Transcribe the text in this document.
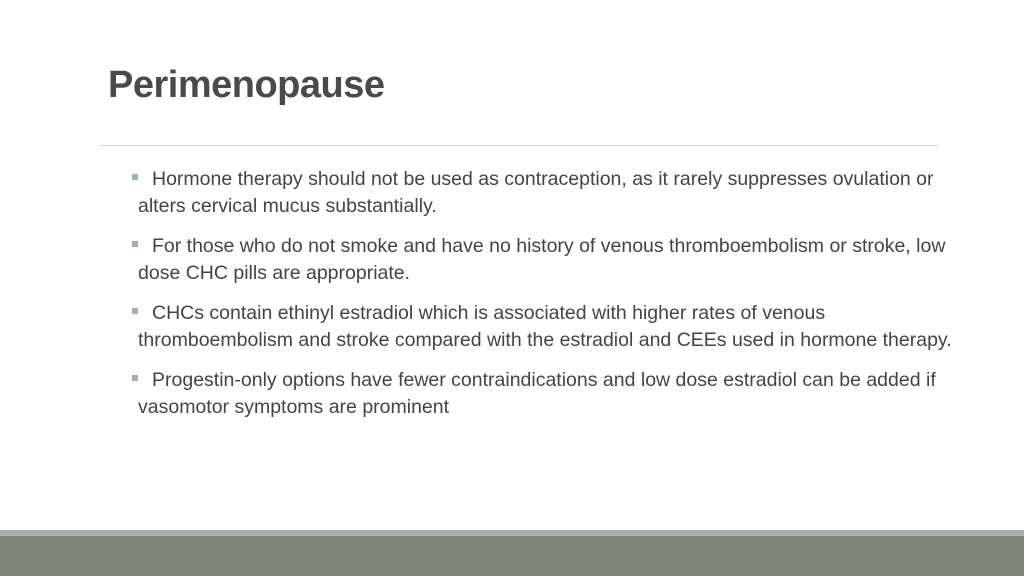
Perimenopause
Hormone therapy should not be used as contraception, as it rarely suppresses ovulation or alters cervical mucus substantially.
For those who do not smoke and have no history of venous thromboembolism or stroke, low dose CHC pills are appropriate.
CHCs contain ethinyl estradiol which is associated with higher rates of venous thromboembolism and stroke compared with the estradiol and CEEs used in hormone therapy.
Progestin-only options have fewer contraindications and low dose estradiol can be added if vasomotor symptoms are prominent
